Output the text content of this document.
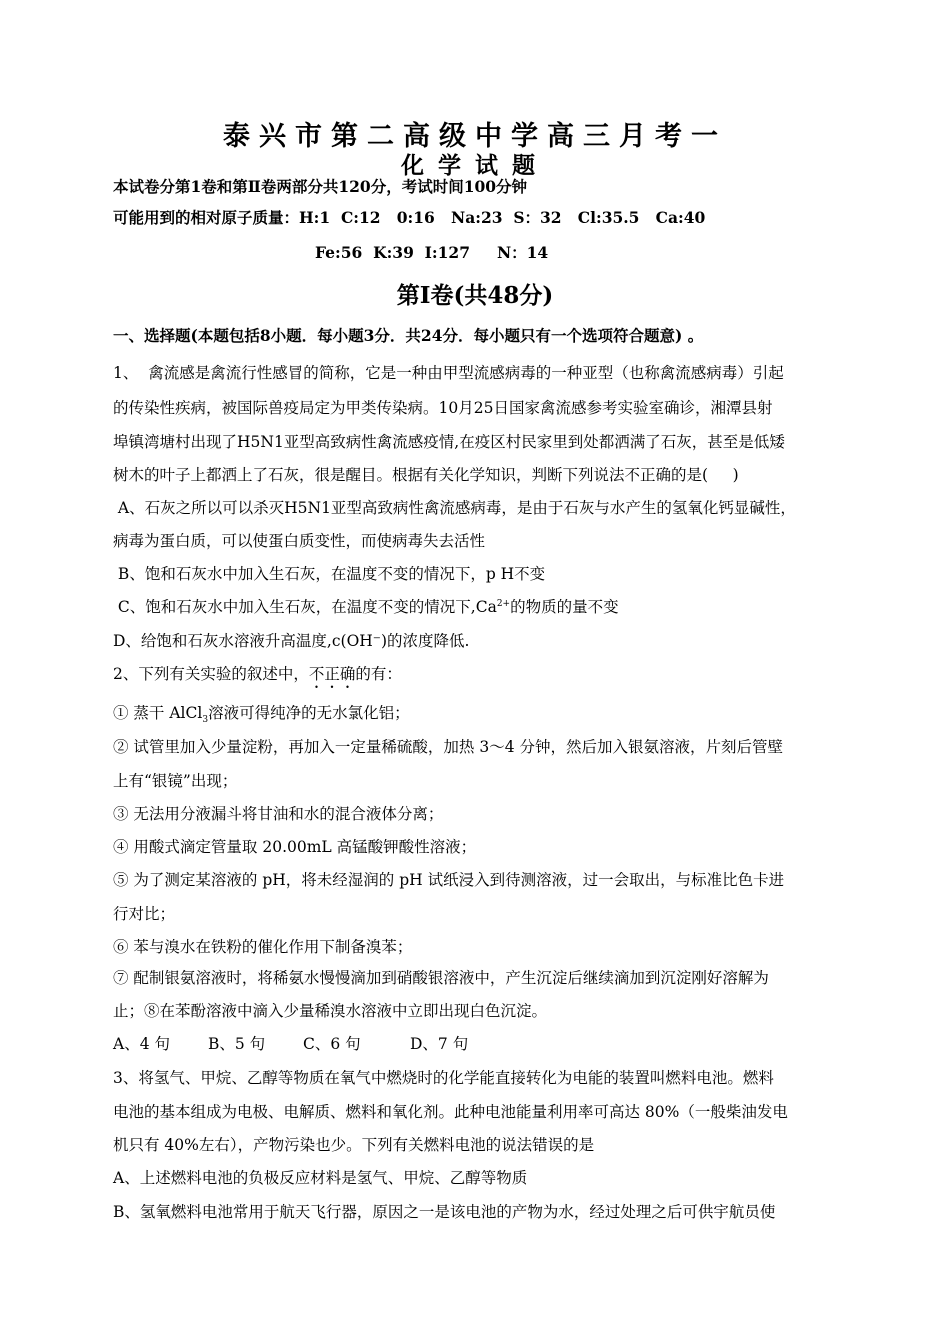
泰兴市第二高级中学高三月考一
化学试题
本试卷分第1卷和第Ⅱ卷两部分共120分，考试时间100分钟
可能用到的相对原子质量：H:1  C:12   0:16   Na:23  S：32   Cl:35.5   Ca:40
Fe:56  K:39  I:127     N：14
第Ⅰ卷(共48分)
一、选择题(本题包括8小题．每小题3分．共24分．每小题只有一个选项符合题意) 。
1、  禽流感是禽流行性感冒的简称，它是一种由甲型流感病毒的一种亚型（也称禽流感病毒）引起
的传染性疾病，被国际兽疫局定为甲类传染病。10月25日国家禽流感参考实验室确诊，湘潭县射
埠镇湾塘村出现了H5N1亚型高致病性禽流感疫情,在疫区村民家里到处都洒满了石灰，甚至是低矮
树木的叶子上都洒上了石灰，很是醒目。根据有关化学知识，判断下列说法不正确的是(     )
A、石灰之所以可以杀灭H5N1亚型高致病性禽流感病毒，是由于石灰与水产生的氢氧化钙显碱性，
病毒为蛋白质，可以使蛋白质变性，而使病毒失去活性
B、饱和石灰水中加入生石灰，在温度不变的情况下，p H不变
C、饱和石灰水中加入生石灰，在温度不变的情况下$,Ca^{2+}$的物质的量不变
D、给饱和石灰水溶液升高温度,c(OH⁻)的浓度降低.
2、下列有关实验的叙述中，不正确的有：
① 蒸干 AlCl$_3$溶液可得纯净的无水氯化铝；
② 试管里加入少量淀粉，再加入一定量稀硫酸，加热 3～4 分钟，然后加入银氨溶液，片刻后管壁
上有“银镜”出现；
③ 无法用分液漏斗将甘油和水的混合液体分离；
④ 用酸式滴定管量取 20.00mL 高锰酸钾酸性溶液；
⑤ 为了测定某溶液的 pH，将未经湿润的 pH 试纸浸入到待测溶液，过一会取出，与标准比色卡进
行对比；
⑥ 苯与溴水在铁粉的催化作用下制备溴苯；
⑦ 配制银氨溶液时，将稀氨水慢慢滴加到硝酸银溶液中，产生沉淀后继续滴加到沉淀刚好溶解为
止；⑧在苯酚溶液中滴入少量稀溴水溶液中立即出现白色沉淀。
A、4 句 B、5 句 C、6 句	D、7 句
3、将氢气、甲烷、乙醇等物质在氧气中燃烧时的化学能直接转化为电能的装置叫燃料电池。燃料
电池的基本组成为电极、电解质、燃料和氧化剂。此种电池能量利用率可高达 80%（一般柴油发电
机只有 40%左右），产物污染也少。下列有关燃料电池的说法错误的是
A、上述燃料电池的负极反应材料是氢气、甲烷、乙醇等物质
B、氢氧燃料电池常用于航天飞行器，原因之一是该电池的产物为水，经过处理之后可供宇航员使
